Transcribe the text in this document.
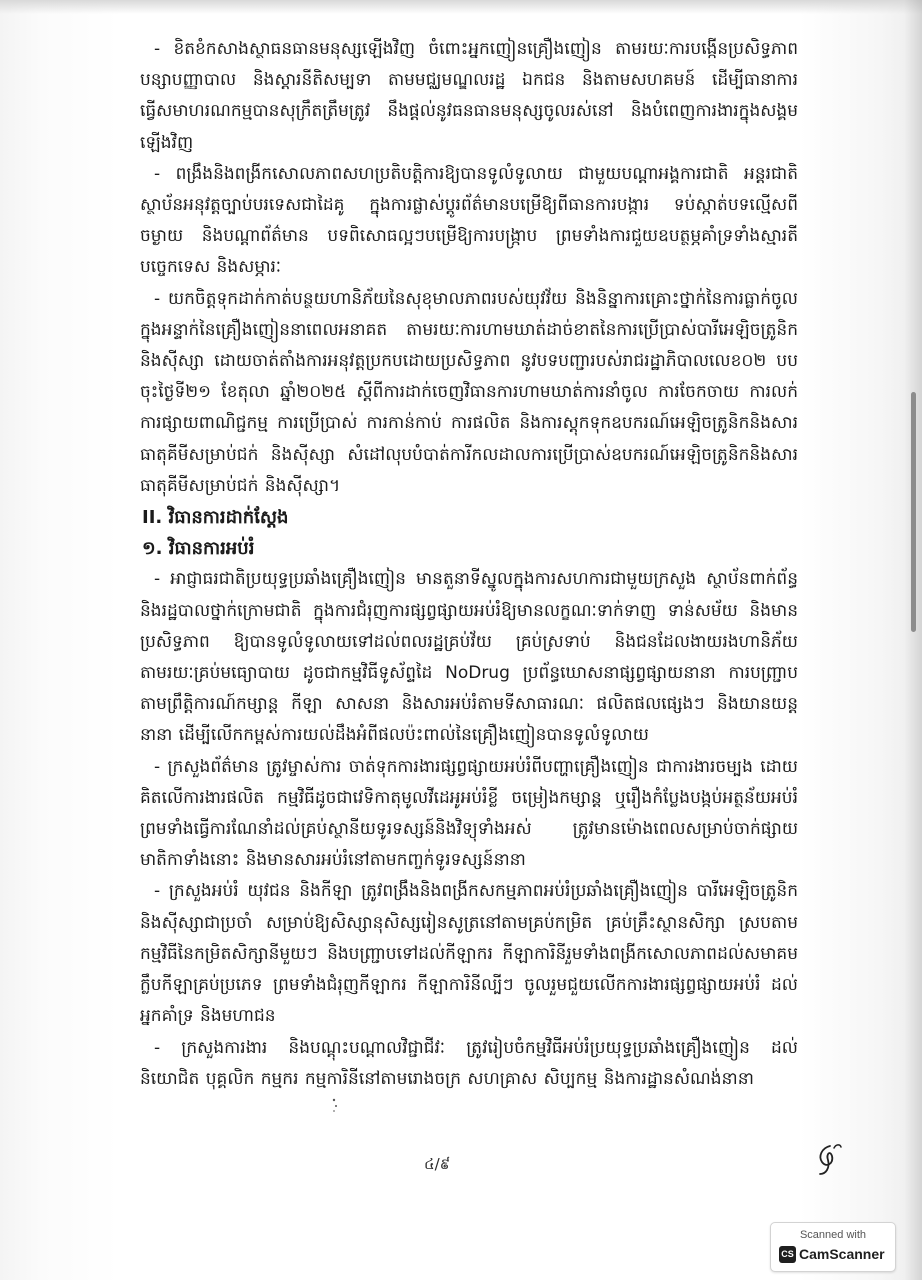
- ខិតខំកសាងស្ថាធនធានមនុស្សឡើងវិញ ចំពោះអ្នកញៀនគ្រឿងញៀន តាមរយៈការបង្កើនប្រសិទ្ធភាព បន្សាបញ្ញាបាល និងស្តារនីតិសម្បទា តាមមជ្ឈមណ្ឌលរដ្ឋ ឯកជន និងតាមសហគមន៍ ដើម្បីធានាការធ្វើសមាហរណកម្មបានសុក្រឹតត្រឹមត្រូវ នឹងផ្តល់នូវធនធានមនុស្សចូលរស់នៅ និងបំពេញការងារក្នុងសង្គមឡើងវិញ

- ពង្រឹងនិងពង្រីកសោលភាពសហប្រតិបត្តិការឱ្យបានទូលំទូលាយ ជាមួយបណ្តាអង្គការជាតិ អន្តរជាតិ ស្ថាប័នអនុវត្តច្បាប់បរទេសជាដៃគូ ក្នុងការផ្លាស់ប្តូរព័ត៌មានបម្រើឱ្យពីធានការបង្ការ ទប់ស្កាត់បទល្មើសពីចម្ងាយ និងបណ្តាព័ត៌មាន បទពិសោធល្អៗបម្រើឱ្យការបង្ក្រាប ព្រមទាំងការជួយឧបត្ថម្ភគាំទ្រទាំងស្មារតី បច្ចេកទេស និងសម្ភារៈ

- យកចិត្តទុកដាក់កាត់បន្ថយហានិភ័យនៃសុខុមាលភាពរបស់យុវវ័យ និងនិន្នាការគ្រោះថ្នាក់នៃការធ្លាក់ចូលក្នុងអន្ទាក់នៃគ្រឿងញៀននាពេលអនាគត តាមរយៈការហាមឃាត់ដាច់ខាតនៃការប្រើប្រាស់បារីអេឡិចត្រូនិក និងស៊ីស្សា ដោយចាត់តាំងការអនុវត្តប្រកបដោយប្រសិទ្ធភាព នូវបទបញ្ជារបស់រាជរដ្ឋាភិបាលលេខ០២ បប ចុះថ្ងៃទី២១ ខែតុលា ឆ្នាំ២០២៥ ស្តីពីការដាក់ចេញវិធានការហាមឃាត់ការនាំចូល ការចែកចាយ ការលក់ ការផ្សាយពាណិជ្ជកម្ម ការប្រើប្រាស់ ការកាន់កាប់ ការផលិត និងការស្តុកទុកឧបករណ៍អេឡិចត្រូនិកនិងសារធាតុគីមីសម្រាប់ជក់ និងស៊ីស្សា សំដៅលុបបំបាត់ការីកលដាលការប្រើប្រាស់ឧបករណ៍អេឡិចត្រូនិកនិងសារធាតុគីមីសម្រាប់ជក់ និងស៊ីស្សា។

II. វិធានការដាក់ស្តែង

១. វិធានការអប់រំ

- អាជ្ញាធរជាតិប្រយុទ្ធប្រឆាំងគ្រឿងញៀន មានតួនាទីស្នូលក្នុងការសហការជាមួយក្រសួង ស្ថាប័នពាក់ព័ន្ធ និងរដ្ឋបាលថ្នាក់ក្រោមជាតិ ក្នុងការជំរុញការផ្សព្វផ្សាយអប់រំឱ្យមានលក្ខណៈទាក់ទាញ ទាន់សម័យ និងមានប្រសិទ្ធភាព ឱ្យបានទូលំទូលាយទៅដល់ពលរដ្ឋគ្រប់វ័យ គ្រប់ស្រទាប់ និងជនដែលងាយរងហានិភ័យ តាមរយៈគ្រប់មធ្យោបាយ ដូចជាកម្មវិធីទូស័ព្ទដៃ NoDrug ប្រព័ន្ធឃោសនាផ្សព្វផ្សាយនានា ការបញ្ជ្រាបតាមព្រឹត្តិការណ៍កម្សាន្ត កីឡា សាសនា និងសារអប់រំតាមទីសាធារណៈ ផលិតផលផ្សេងៗ និងយានយន្តនានា ដើម្បីលើកកម្ពស់ការយល់ដឹងអំពីផលប៉ះពាល់នៃគ្រឿងញៀនបានទូលំទូលាយ

- ក្រសួងព័ត៌មាន ត្រូវម្ចាស់ការ ចាត់ទុកការងារផ្សព្វផ្សាយអប់រំពីបញ្ហាគ្រឿងញៀន ជាការងារចម្បង ដោយគិតលើការងារផលិត កម្មវិធីដូចជាវេទិកាតុមូលវីដេអូអប់រំខ្លី ចម្រៀងកម្សាន្ត ឬរឿងកំប្លែងបង្កប់អត្ថន័យអប់រំ ព្រមទាំងធ្វើការណែនាំដល់គ្រប់ស្ថានីយទូរទស្សន៍និងវិទ្យុទាំងអស់ ត្រូវមានម៉ោងពេលសម្រាប់ចាក់ផ្សាយមាតិកាទាំងនោះ និងមានសារអប់រំនៅតាមកញ្ចក់ទូរទស្សន៍នានា

- ក្រសួងអប់រំ យុវជន និងកីឡា ត្រូវពង្រឹងនិងពង្រីកសកម្មភាពអប់រំប្រឆាំងគ្រឿងញៀន បារីអេឡិចត្រូនិក និងស៊ីស្សាជាប្រចាំ សម្រាប់ឱ្យសិស្សានុសិស្សរៀនសូត្រនៅតាមគ្រប់កម្រិត គ្រប់គ្រឹះស្ថានសិក្សា ស្របតាមកម្មវិធីនៃកម្រិតសិក្សានីមួយៗ និងបញ្ជ្រាបទៅដល់កីឡាករ កីឡាការិនីរួមទាំងពង្រីកសោលភាពដល់សមាគមក្លឹបកីឡាគ្រប់ប្រភេទ ព្រមទាំងជំរុញកីឡាករ កីឡាការិនីល្បីៗ ចូលរួមជួយលើកការងារផ្សព្វផ្សាយអប់រំ ដល់អ្នកគាំទ្រ និងមហាជន

- ក្រសួងការងារ និងបណ្តុះបណ្តាលវិជ្ជាជីវៈ ត្រូវរៀបចំកម្មវិធីអប់រំប្រយុទ្ធប្រឆាំងគ្រឿងញៀន ដល់និយោជិត បុគ្គលិក កម្មករ កម្មការិនីនៅតាមរោងចក្រ សហគ្រាស សិប្បកម្ម និងការដ្ឋានសំណង់នានា

៤/៩
Scanned with
CS CamScanner
